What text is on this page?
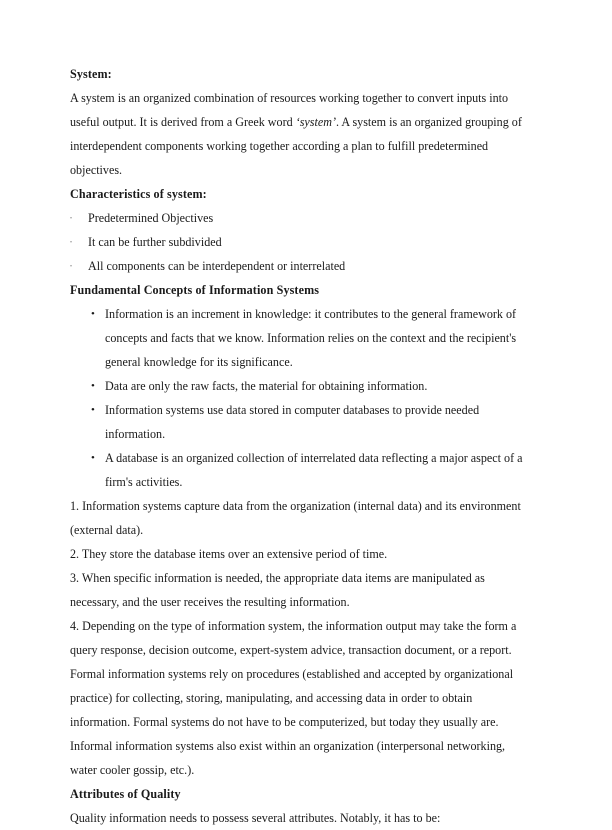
System:

A system is an organized combination of resources working together to convert inputs into useful output. It is derived from a Greek word ‘system’. A system is an organized grouping of interdependent components working together according a plan to fulfill predetermined objectives.

Characteristics of system:
· Predetermined Objectives
· It can be further subdivided
· All components can be interdependent or interrelated
Fundamental Concepts of Information Systems
• Information is an increment in knowledge: it contributes to the general framework of concepts and facts that we know. Information relies on the context and the recipient's general knowledge for its significance.
• Data are only the raw facts, the material for obtaining information.
• Information systems use data stored in computer databases to provide needed information.
• A database is an organized collection of interrelated data reflecting a major aspect of a firm's activities.

1. Information systems capture data from the organization (internal data) and its environment (external data).

2. They store the database items over an extensive period of time.

3. When specific information is needed, the appropriate data items are manipulated as necessary, and the user receives the resulting information.

4. Depending on the type of information system, the information output may take the form a query response, decision outcome, expert-system advice, transaction document, or a report.

Formal information systems rely on procedures (established and accepted by organizational practice) for collecting, storing, manipulating, and accessing data in order to obtain information. Formal systems do not have to be computerized, but today they usually are. Informal information systems also exist within an organization (interpersonal networking, water cooler gossip, etc.).

Attributes of Quality

Quality information needs to possess several attributes. Notably, it has to be:
